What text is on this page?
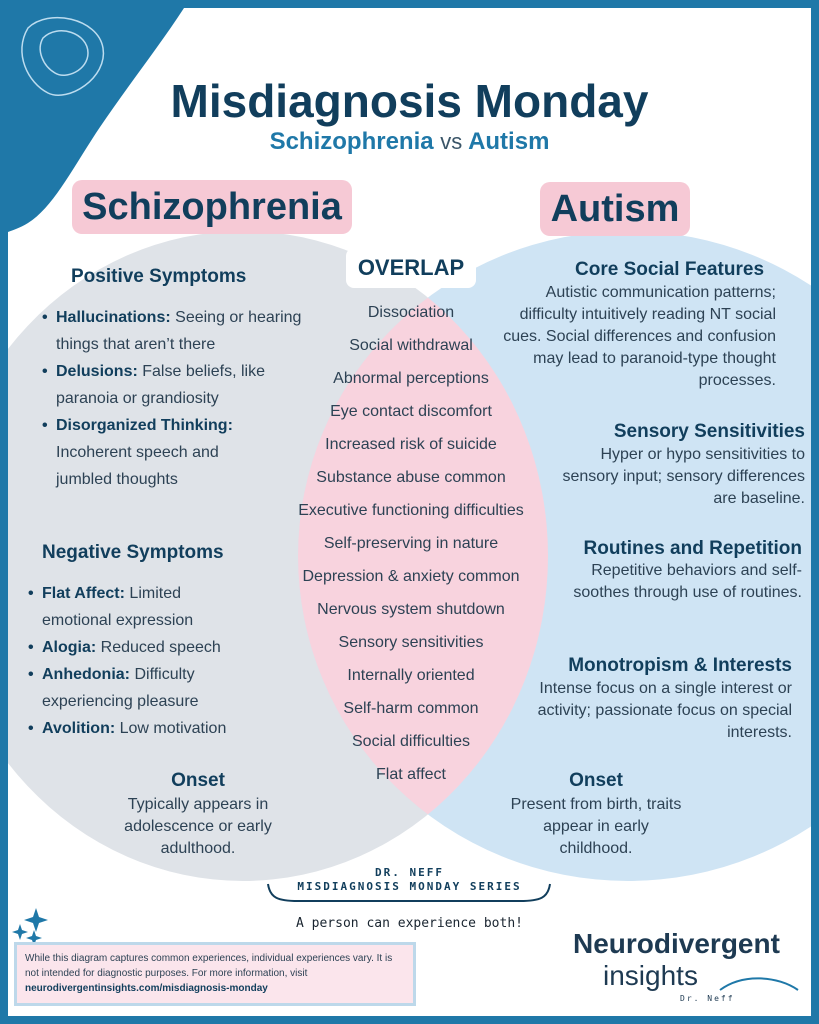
Misdiagnosis Monday
Schizophrenia vs Autism
Schizophrenia	Autism
OVERLAP
Positive Symptoms
• Hallucinations: Seeing or hearing things that aren’t there
• Delusions: False beliefs, like paranoia or grandiosity
• Disorganized Thinking: Incoherent speech and jumbled thoughts
Negative Symptoms
• Flat Affect: Limited emotional expression
• Alogia: Reduced speech
• Anhedonia: Difficulty experiencing pleasure
• Avolition: Low motivation
Onset
Typically appears in adolescence or early adulthood.
Dissociation
Social withdrawal
Abnormal perceptions
Eye contact discomfort
Increased risk of suicide
Substance abuse common
Executive functioning difficulties
Self-preserving in nature
Depression & anxiety common
Nervous system shutdown
Sensory sensitivities
Internally oriented
Self-harm common
Social difficulties
Flat affect
Core Social Features
Autistic communication patterns; difficulty intuitively reading NT social cues. Social differences and confusion may lead to paranoid-type thought processes.
Sensory Sensitivities
Hyper or hypo sensitivities to sensory input; sensory differences are baseline.
Routines and Repetition
Repetitive behaviors and self-soothes through use of routines.
Monotropism & Interests
Intense focus on a single interest or activity; passionate focus on special interests.
Onset
Present from birth, traits appear in early childhood.
DR. NEFF
MISDIAGNOSIS MONDAY SERIES
A person can experience both!
While this diagram captures common experiences, individual experiences vary. It is not intended for diagnostic purposes. For more information, visit
neurodivergentinsights.com/misdiagnosis-monday
Neurodivergent
insights
Dr. Neff
